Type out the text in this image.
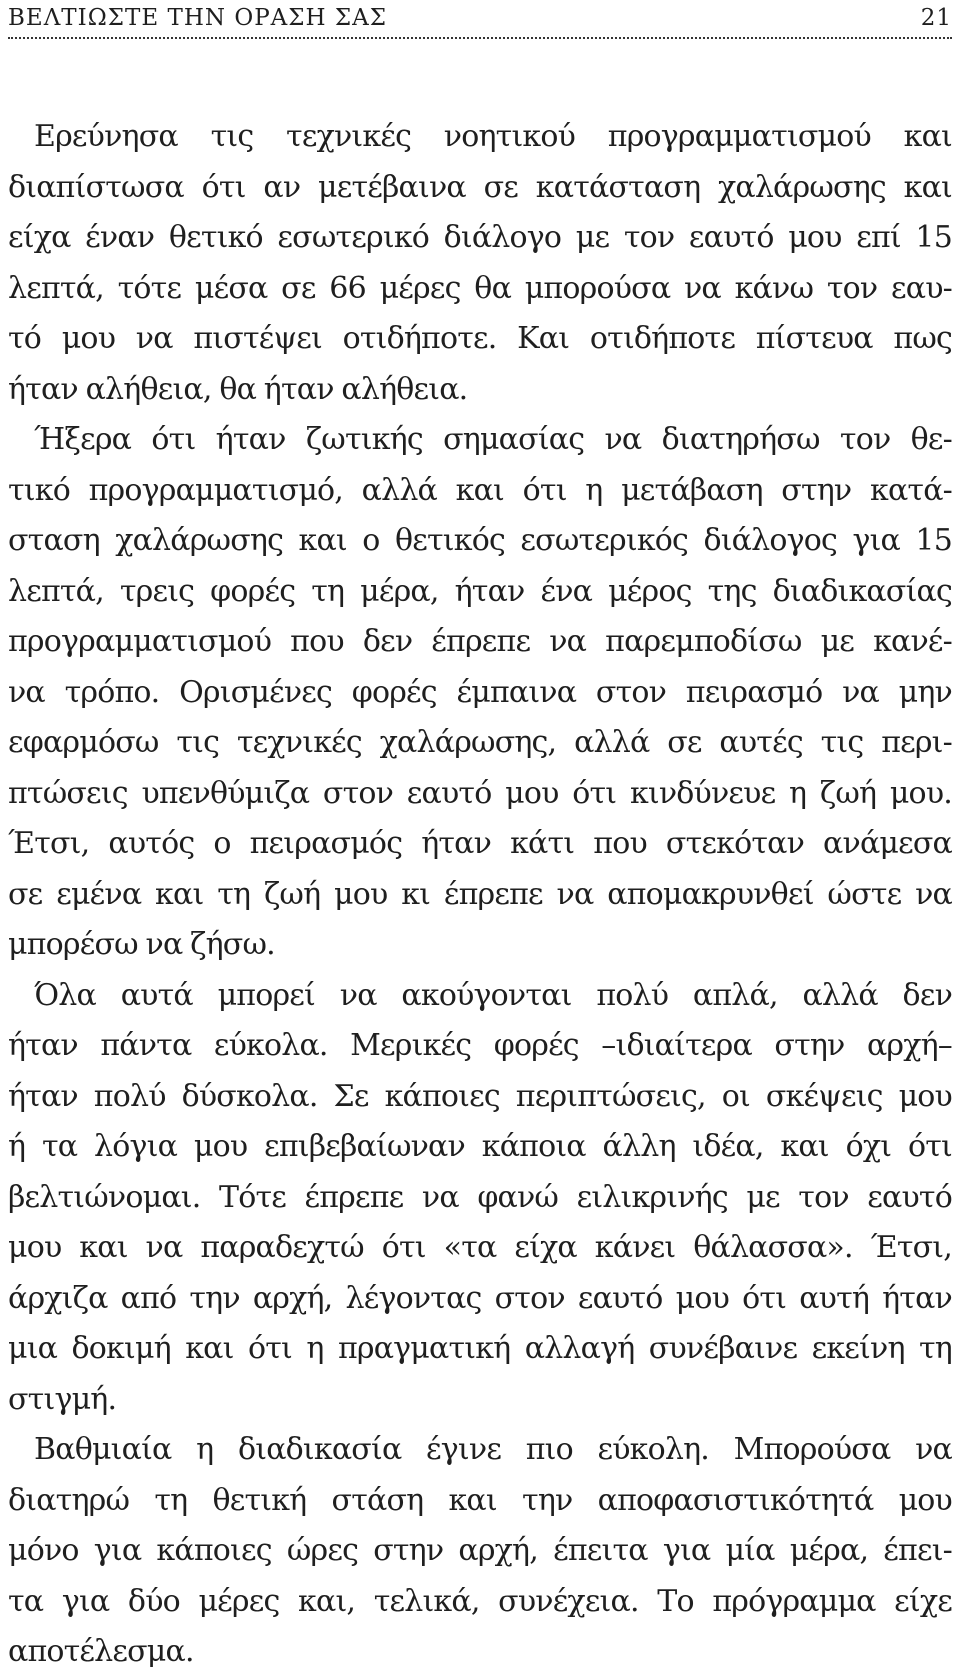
ΒΕΛΤΙΩΣΤΕ ΤΗΝ ΟΡΑΣΗ ΣΑΣ	21
Ερεύνησα τις τεχνικές νοητικού προγραμματισμού και
διαπίστωσα ότι αν μετέβαινα σε κατάσταση χαλάρωσης και
είχα έναν θετικό εσωτερικό διάλογο με τον εαυτό μου επί 15
λεπτά, τότε μέσα σε 66 μέρες θα μπορούσα να κάνω τον εαυ-
τό μου να πιστέψει οτιδήποτε. Και οτιδήποτε πίστευα πως
ήταν αλήθεια, θα ήταν αλήθεια.
Ήξερα ότι ήταν ζωτικής σημασίας να διατηρήσω τον θε-
τικό προγραμματισμό, αλλά και ότι η μετάβαση στην κατά-
σταση χαλάρωσης και ο θετικός εσωτερικός διάλογος για 15
λεπτά, τρεις φορές τη μέρα, ήταν ένα μέρος της διαδικασίας
προγραμματισμού που δεν έπρεπε να παρεμποδίσω με κανέ-
να τρόπο. Ορισμένες φορές έμπαινα στον πειρασμό να μην
εφαρμόσω τις τεχνικές χαλάρωσης, αλλά σε αυτές τις περι-
πτώσεις υπενθύμιζα στον εαυτό μου ότι κινδύνευε η ζωή μου.
Έτσι, αυτός ο πειρασμός ήταν κάτι που στεκόταν ανάμεσα
σε εμένα και τη ζωή μου κι έπρεπε να απομακρυνθεί ώστε να
μπορέσω να ζήσω.
Όλα αυτά μπορεί να ακούγονται πολύ απλά, αλλά δεν
ήταν πάντα εύκολα. Μερικές φορές –ιδιαίτερα στην αρχή–
ήταν πολύ δύσκολα. Σε κάποιες περιπτώσεις, οι σκέψεις μου
ή τα λόγια μου επιβεβαίωναν κάποια άλλη ιδέα, και όχι ότι
βελτιώνομαι. Τότε έπρεπε να φανώ ειλικρινής με τον εαυτό
μου και να παραδεχτώ ότι «τα είχα κάνει θάλασσα». Έτσι,
άρχιζα από την αρχή, λέγοντας στον εαυτό μου ότι αυτή ήταν
μια δοκιμή και ότι η πραγματική αλλαγή συνέβαινε εκείνη τη
στιγμή.
Βαθμιαία η διαδικασία έγινε πιο εύκολη. Μπορούσα να
διατηρώ τη θετική στάση και την αποφασιστικότητά μου
μόνο για κάποιες ώρες στην αρχή, έπειτα για μία μέρα, έπει-
τα για δύο μέρες και, τελικά, συνέχεια. Το πρόγραμμα είχε
αποτέλεσμα.
